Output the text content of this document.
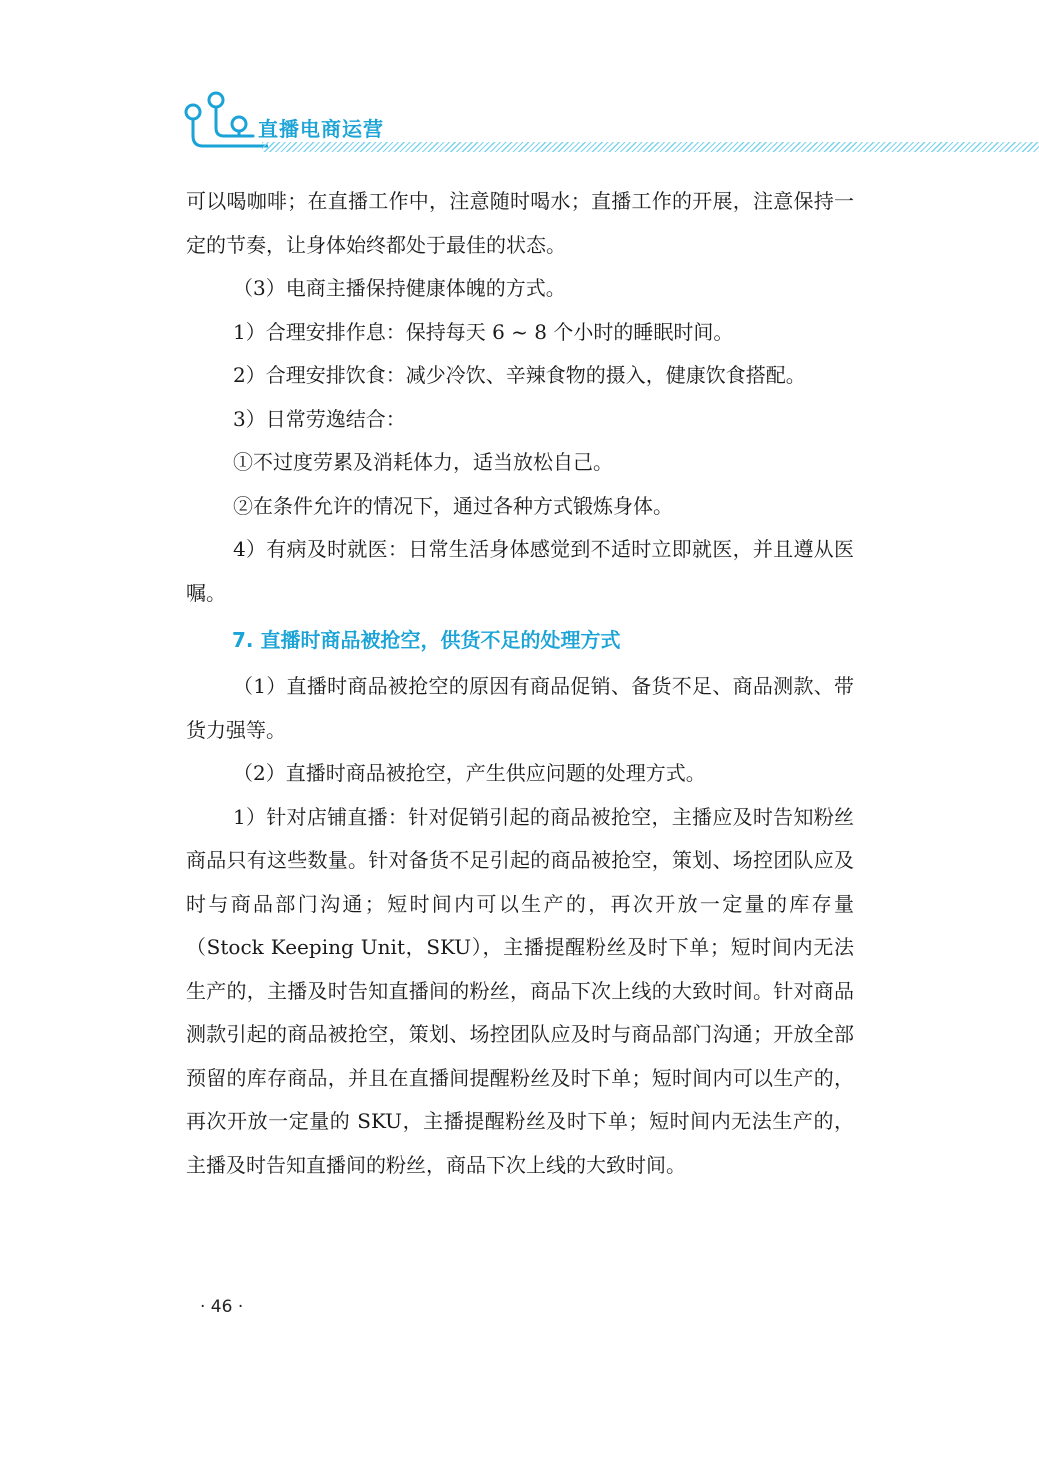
直播电商运营

可以喝咖啡；在直播工作中，注意随时喝水；直播工作的开展，注意保持一定的节奏，让身体始终都处于最佳的状态。

（3）电商主播保持健康体魄的方式。

1）合理安排作息：保持每天 6 ~ 8 个小时的睡眠时间。

2）合理安排饮食：减少冷饮、辛辣食物的摄入，健康饮食搭配。

3）日常劳逸结合：

①不过度劳累及消耗体力，适当放松自己。

②在条件允许的情况下，通过各种方式锻炼身体。

4）有病及时就医：日常生活身体感觉到不适时立即就医，并且遵从医嘱。

7. 直播时商品被抢空，供货不足的处理方式

（1）直播时商品被抢空的原因有商品促销、备货不足、商品测款、带货力强等。

（2）直播时商品被抢空，产生供应问题的处理方式。

1）针对店铺直播：针对促销引起的商品被抢空，主播应及时告知粉丝商品只有这些数量。针对备货不足引起的商品被抢空，策划、场控团队应及时与商品部门沟通；短时间内可以生产的，再次开放一定量的库存量（Stock Keeping Unit，SKU），主播提醒粉丝及时下单；短时间内无法生产的，主播及时告知直播间的粉丝，商品下次上线的大致时间。针对商品测款引起的商品被抢空，策划、场控团队应及时与商品部门沟通；开放全部预留的库存商品，并且在直播间提醒粉丝及时下单；短时间内可以生产的，再次开放一定量的 SKU，主播提醒粉丝及时下单；短时间内无法生产的，主播及时告知直播间的粉丝，商品下次上线的大致时间。

· 46 ·
